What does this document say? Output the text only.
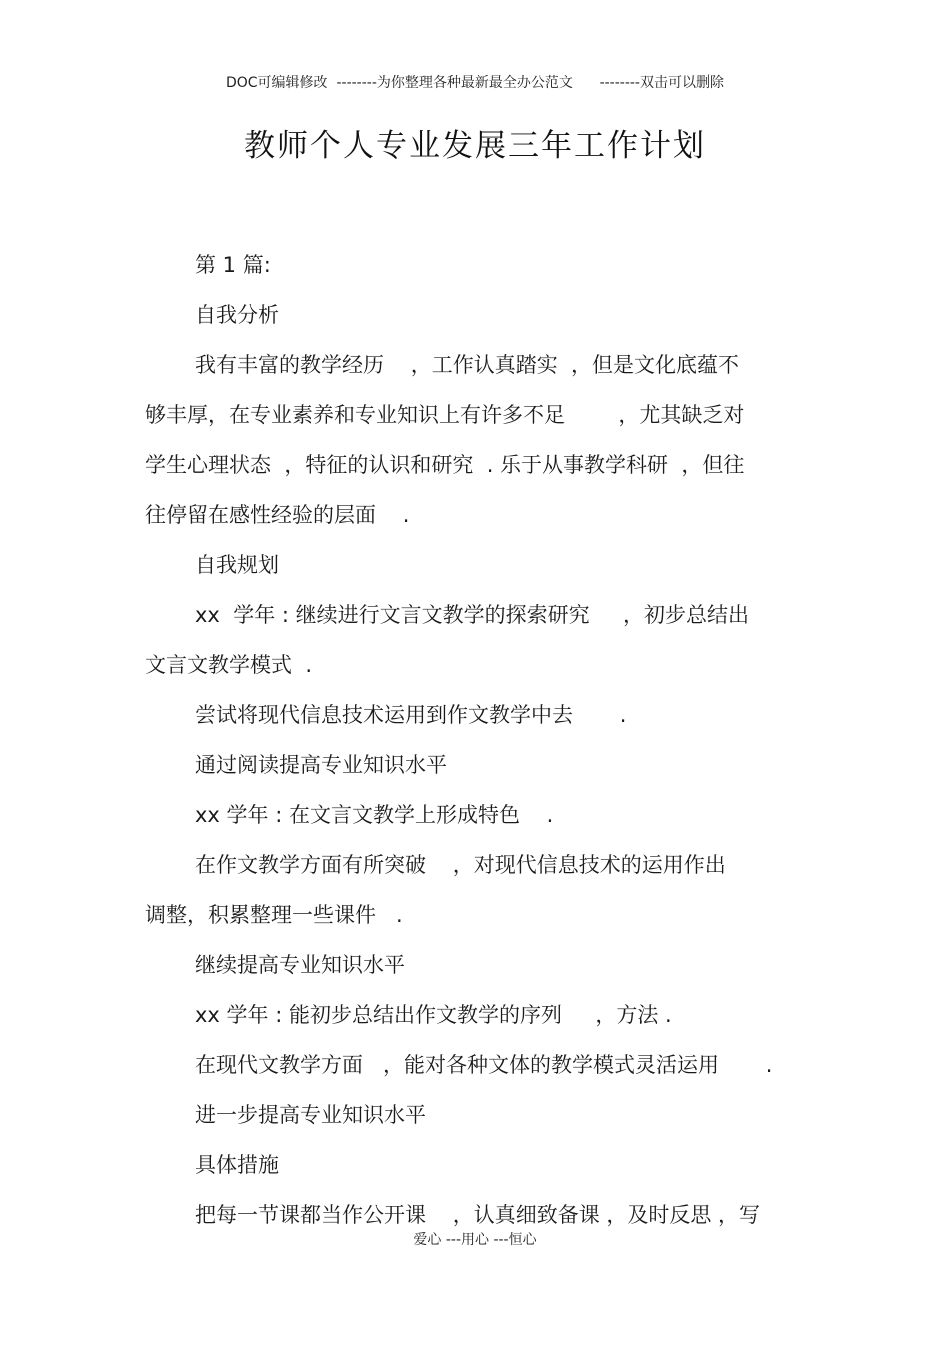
DOC可编辑修改  --------为你整理各种最新最全办公范文      --------双击可以删除
教师个人专业发展三年工作计划

第 1 篇:

自我分析

我有丰富的教学经历    ，工作认真踏实  ，但是文化底蕴不

够丰厚，在专业素养和专业知识上有许多不足        ，尤其缺乏对

学生心理状态  ，特征的认识和研究  . 乐于从事教学科研  ，但往

往停留在感性经验的层面    .

自我规划

xx  学年 : 继续进行文言文教学的探索研究     ，初步总结出

文言文教学模式  .

尝试将现代信息技术运用到作文教学中去       .

通过阅读提高专业知识水平

xx 学年 : 在文言文教学上形成特色    .

在作文教学方面有所突破    ，对现代信息技术的运用作出

调整，积累整理一些课件   .

继续提高专业知识水平

xx 学年 : 能初步总结出作文教学的序列     ，方法 .

在现代文教学方面   ，能对各种文体的教学模式灵活运用       .

进一步提高专业知识水平

具体措施

把每一节课都当作公开课    ，认真细致备课 ，及时反思 ，写

爱心 ---用心 ---恒心
